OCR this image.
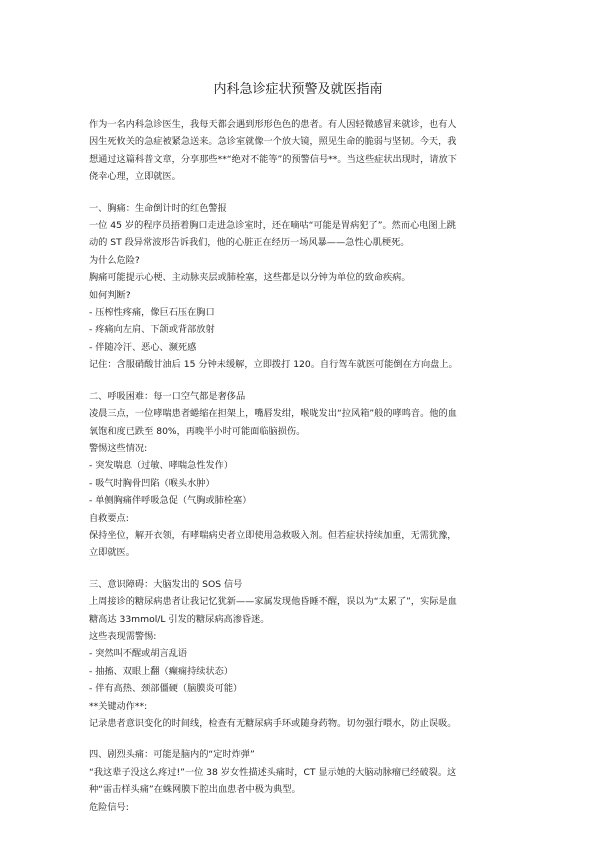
内科急诊症状预警及就医指南

作为一名内科急诊医生，我每天都会遇到形形色色的患者。有人因轻微感冒来就诊，也有人

因生死攸关的急症被紧急送来。急诊室就像一个放大镜，照见生命的脆弱与坚韧。今天，我

想通过这篇科普文章，分享那些**“绝对不能等”的预警信号**。当这些症状出现时，请放下

侥幸心理，立即就医。

一、胸痛：生命倒计时的红色警报
一位 45 岁的程序员捂着胸口走进急诊室时，还在嘀咕“可能是胃病犯了”。然而心电图上跳
动的 ST 段异常波形告诉我们，他的心脏正在经历一场风暴——急性心肌梗死。
为什么危险?
胸痛可能提示心梗、主动脉夹层或肺栓塞，这些都是以分钟为单位的致命疾病。
如何判断?
- 压榨性疼痛，像巨石压在胸口
- 疼痛向左肩、下颌或背部放射
- 伴随冷汗、恶心、濒死感
记住：含服硝酸甘油后 15 分钟未缓解，立即拨打 120。自行驾车就医可能倒在方向盘上。
二、呼吸困难：每一口空气都是奢侈品
凌晨三点，一位哮喘患者蜷缩在担架上，嘴唇发绀，喉咙发出“拉风箱”般的哮鸣音。他的血
氧饱和度已跌至 80%，再晚半小时可能面临脑损伤。
警惕这些情况:
- 突发喘息（过敏、哮喘急性发作）
- 吸气时胸骨凹陷（喉头水肿）
- 单侧胸痛伴呼吸急促（气胸或肺栓塞）
自救要点:
保持坐位，解开衣领，有哮喘病史者立即使用急救吸入剂。但若症状持续加重，无需犹豫，
立即就医。
三、意识障碍：大脑发出的 SOS 信号
上周接诊的糖尿病患者让我记忆犹新——家属发现他昏睡不醒，误以为“太累了”，实际是血
糖高达 33mmol/L 引发的糖尿病高渗昏迷。
这些表现需警惕:
- 突然叫不醒或胡言乱语
- 抽搐、双眼上翻（癫痫持续状态）
- 伴有高热、颈部僵硬（脑膜炎可能）
**关键动作**:
记录患者意识变化的时间线，检查有无糖尿病手环或随身药物。切勿强行喂水，防止误吸。
四、剧烈头痛：可能是脑内的“定时炸弹”
“我这辈子没这么疼过!”一位 38 岁女性描述头痛时，CT 显示她的大脑动脉瘤已经破裂。这
种“雷击样头痛”在蛛网膜下腔出血患者中极为典型。
危险信号:
